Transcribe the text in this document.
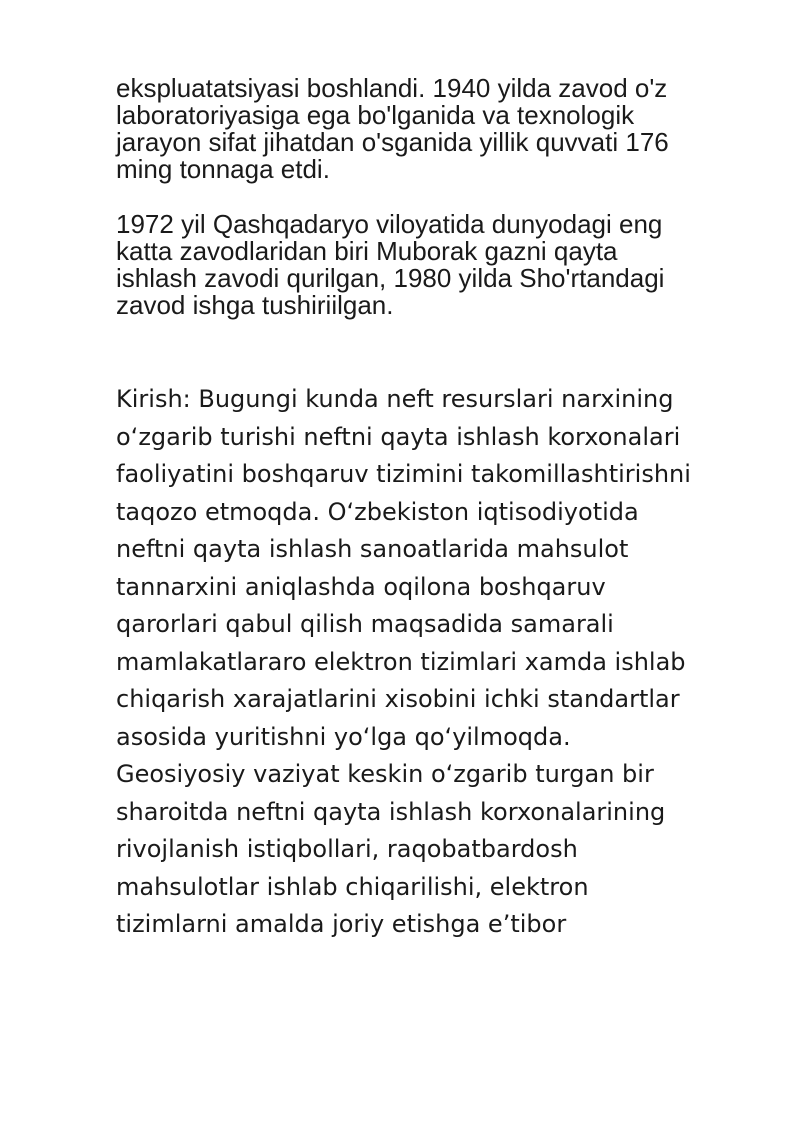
ekspluatatsiyasi boshlandi. 1940 yilda zavod o'z
laboratoriyasiga ega bo'lganida va texnologik
jarayon sifat jihatdan o'sganida yillik quvvati 176
ming tonnaga etdi.

1972 yil Qashqadaryo viloyatida dunyodagi eng
katta zavodlaridan biri Muborak gazni qayta
ishlash zavodi qurilgan, 1980 yilda Sho'rtandagi
zavod ishga tushiriilgan.

Kirish: Bugungi kunda neft resurslari narxining
o‘zgarib turishi neftni qayta ishlash korxonalari
faoliyatini boshqaruv tizimini takomillashtirishni
taqozo etmoqda. O‘zbekiston iqtisodiyotida
neftni qayta ishlash sanoatlarida mahsulot
tannarxini aniqlashda oqilona boshqaruv
qarorlari qabul qilish maqsadida samarali
mamlakatlararo elektron tizimlari xamda ishlab
chiqarish xarajatlarini xisobini ichki standartlar
asosida yuritishni yo‘lga qo‘yilmoqda.
Geosiyosiy vaziyat keskin o‘zgarib turgan bir
sharoitda neftni qayta ishlash korxonalarining
rivojlanish istiqbollari, raqobatbardosh
mahsulotlar ishlab chiqarilishi, elektron
tizimlarni amalda joriy etishga e’tibor
